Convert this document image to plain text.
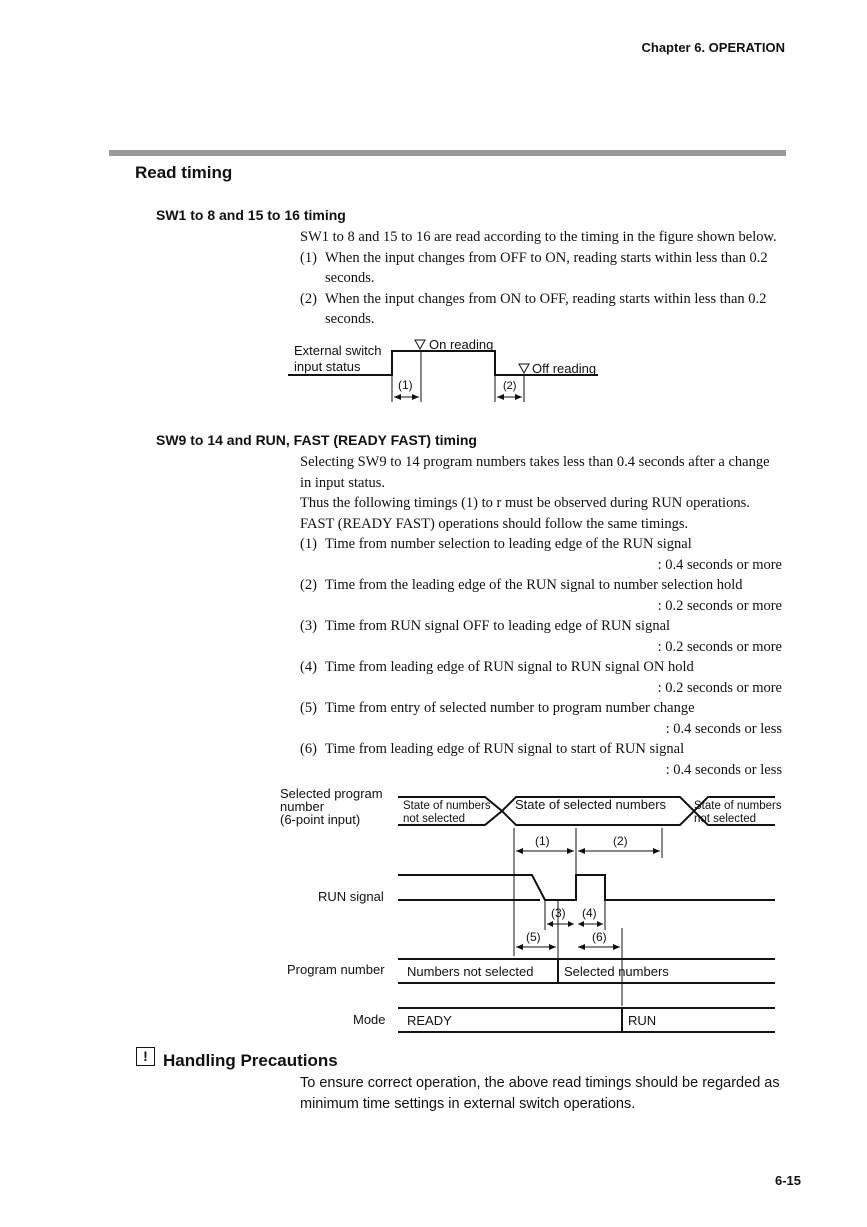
Chapter 6. OPERATION
Read timing
SW1 to 8 and 15 to 16 timing
SW1 to 8 and 15 to 16 are read according to the timing in the figure shown below.
(1) When the input changes from OFF to ON, reading starts within less than 0.2
seconds.
(2) When the input changes from ON to OFF, reading starts within less than 0.2
seconds.
External switch
input status
On reading
Off reading
(1)	(2)
SW9 to 14 and RUN, FAST (READY FAST) timing
Selecting SW9 to 14 program numbers takes less than 0.4 seconds after a change
in input status.
Thus the following timings (1) to r must be observed during RUN operations.
FAST (READY FAST) operations should follow the same timings.
(1) Time from number selection to leading edge of the RUN signal
: 0.4 seconds or more
(2) Time from the leading edge of the RUN signal to number selection hold
: 0.2 seconds or more
(3) Time from RUN signal OFF to leading edge of RUN signal
: 0.2 seconds or more
(4) Time from leading edge of RUN signal to RUN signal ON hold
: 0.2 seconds or more
(5) Time from entry of selected number to program number change
: 0.4 seconds or less
(6) Time from leading edge of RUN signal to start of RUN signal
: 0.4 seconds or less
Selected program
number
(6-point input)
State of numbers
not selected
State of selected numbers State of numbers
not selected
(1)	(2)
RUN signal
(3) (4)
(5)	(6)
Program number Numbers not selected Selected numbers
Mode READY	RUN
! Handling Precautions
To ensure correct operation, the above read timings should be regarded as
minimum time settings in external switch operations.
6-15
